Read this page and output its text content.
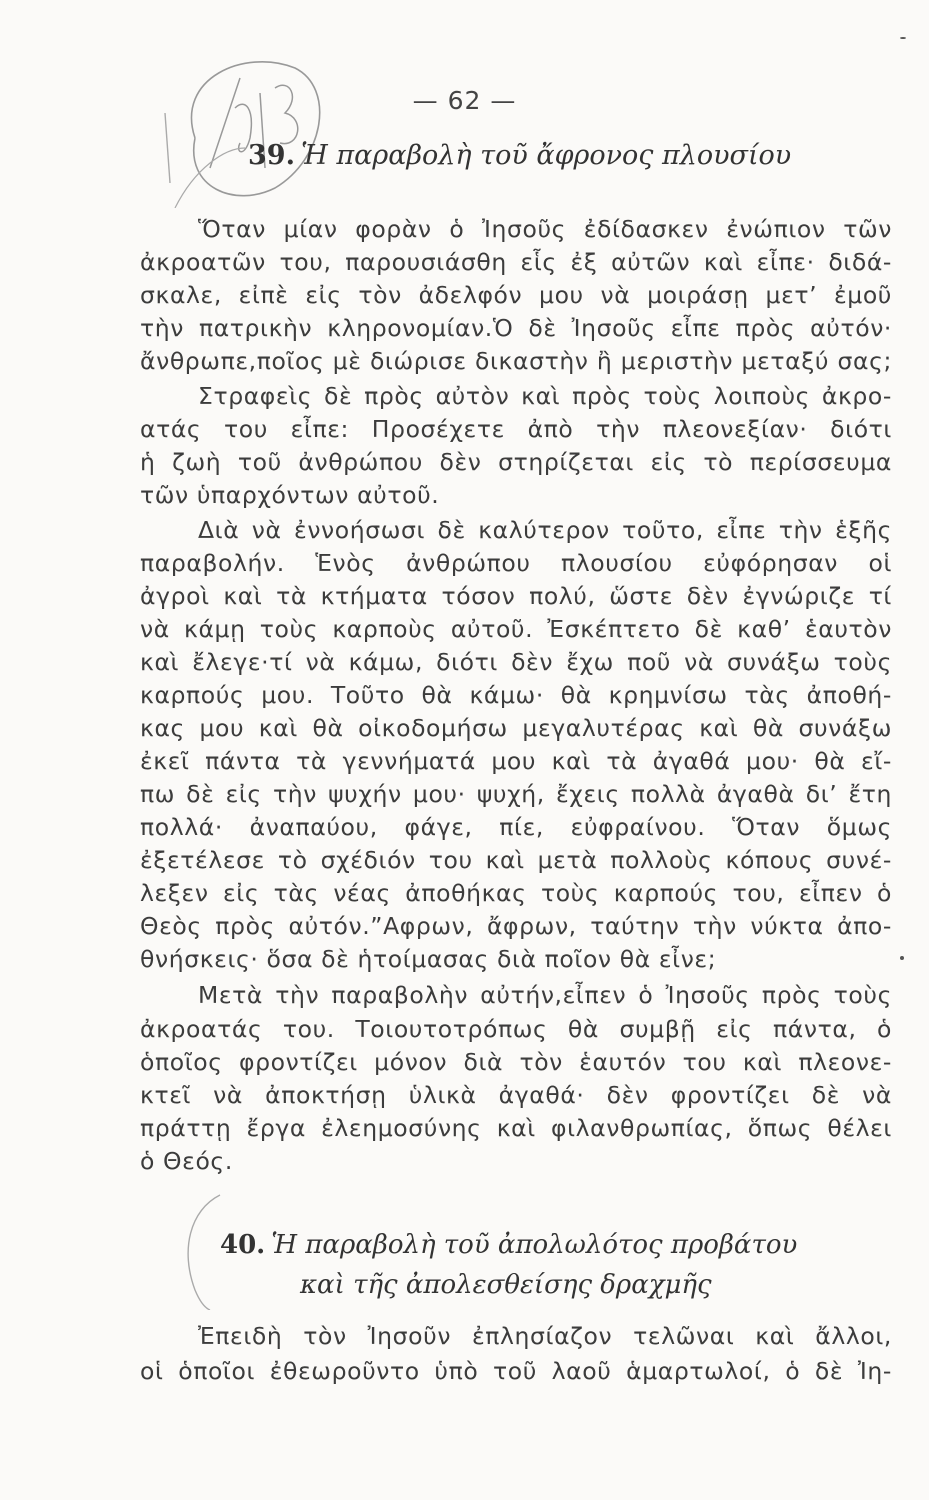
— 62 —
39. Ἡ παραβολὴ τοῦ ἄφρονος πλουσίου
Ὅταν μίαν φορὰν ὁ Ἰησοῦς ἐδίδασκεν ἐνώπιον τῶν
ἀκροατῶν του, παρουσιάσθη εἷς ἐξ αὐτῶν καὶ εἶπε· διδά-
σκαλε, εἰπὲ εἰς τὸν ἀδελφόν μου νὰ μοιράσῃ μετ’ ἐμοῦ
τὴν πατρικὴν κληρονομίαν.Ὁ δὲ Ἰησοῦς εἶπε πρὸς αὐτόν·
ἄνθρωπε,ποῖος μὲ διώρισε δικαστὴν ἢ μεριστὴν μεταξύ σας;
Στραφεὶς δὲ πρὸς αὐτὸν καὶ πρὸς τοὺς λοιποὺς ἀκρο-
ατάς του εἶπε: Προσέχετε ἀπὸ τὴν πλεονεξίαν· διότι
ἡ ζωὴ τοῦ ἀνθρώπου δὲν στηρίζεται εἰς τὸ περίσσευμα
τῶν ὑπαρχόντων αὐτοῦ.
Διὰ νὰ ἐννοήσωσι δὲ καλύτερον τοῦτο, εἶπε τὴν ἑξῆς
παραβολήν. Ἑνὸς ἀνθρώπου πλουσίου εὐφόρησαν οἱ
ἀγροὶ καὶ τὰ κτήματα τόσον πολύ, ὥστε δὲν ἐγνώριζε τί
νὰ κάμῃ τοὺς καρποὺς αὐτοῦ. Ἐσκέπτετο δὲ καθ’ ἑαυτὸν
καὶ ἔλεγε·τί νὰ κάμω, διότι δὲν ἔχω ποῦ νὰ συνάξω τοὺς
καρπούς μου. Τοῦτο θὰ κάμω· θὰ κρημνίσω τὰς ἀποθή-
κας μου καὶ θὰ οἰκοδομήσω μεγαλυτέρας καὶ θὰ συνάξω
ἐκεῖ πάντα τὰ γεννήματά μου καὶ τὰ ἀγαθά μου· θὰ εἴ-
πω δὲ εἰς τὴν ψυχήν μου· ψυχή, ἔχεις πολλὰ ἀγαθὰ δι’ ἔτη
πολλά· ἀναπαύου, φάγε, πίε, εὐφραίνου. Ὅταν ὅμως
ἐξετέλεσε τὸ σχέδιόν του καὶ μετὰ πολλοὺς κόπους συνέ-
λεξεν εἰς τὰς νέας ἀποθήκας τοὺς καρπούς του, εἶπεν ὁ
Θεὸς πρὸς αὐτόν.”Αφρων, ἄφρων, ταύτην τὴν νύκτα ἀπο-
θνήσκεις· ὅσα δὲ ἡτοίμασας διὰ ποῖον θὰ εἶνε;
Μετὰ τὴν παραβολὴν αὐτήν,εἶπεν ὁ Ἰησοῦς πρὸς τοὺς
ἀκροατάς του. Τοιουτοτρόπως θὰ συμβῇ εἰς πάντα, ὁ
ὁποῖος φροντίζει μόνον διὰ τὸν ἑαυτόν του καὶ πλεονε-
κτεῖ νὰ ἀποκτήσῃ ὑλικὰ ἀγαθά· δὲν φροντίζει δὲ νὰ
πράττῃ ἔργα ἐλεημοσύνης καὶ φιλανθρωπίας, ὅπως θέλει
ὁ Θεός.
40. Ἡ παραβολὴ τοῦ ἀπολωλότος προβάτου
καὶ τῆς ἀπολεσθείσης δραχμῆς
Ἐπειδὴ τὸν Ἰησοῦν ἐπλησίαζον τελῶναι καὶ ἄλλοι,
οἱ ὁποῖοι ἐθεωροῦντο ὑπὸ τοῦ λαοῦ ἁμαρτωλοί, ὁ δὲ Ἰη-
